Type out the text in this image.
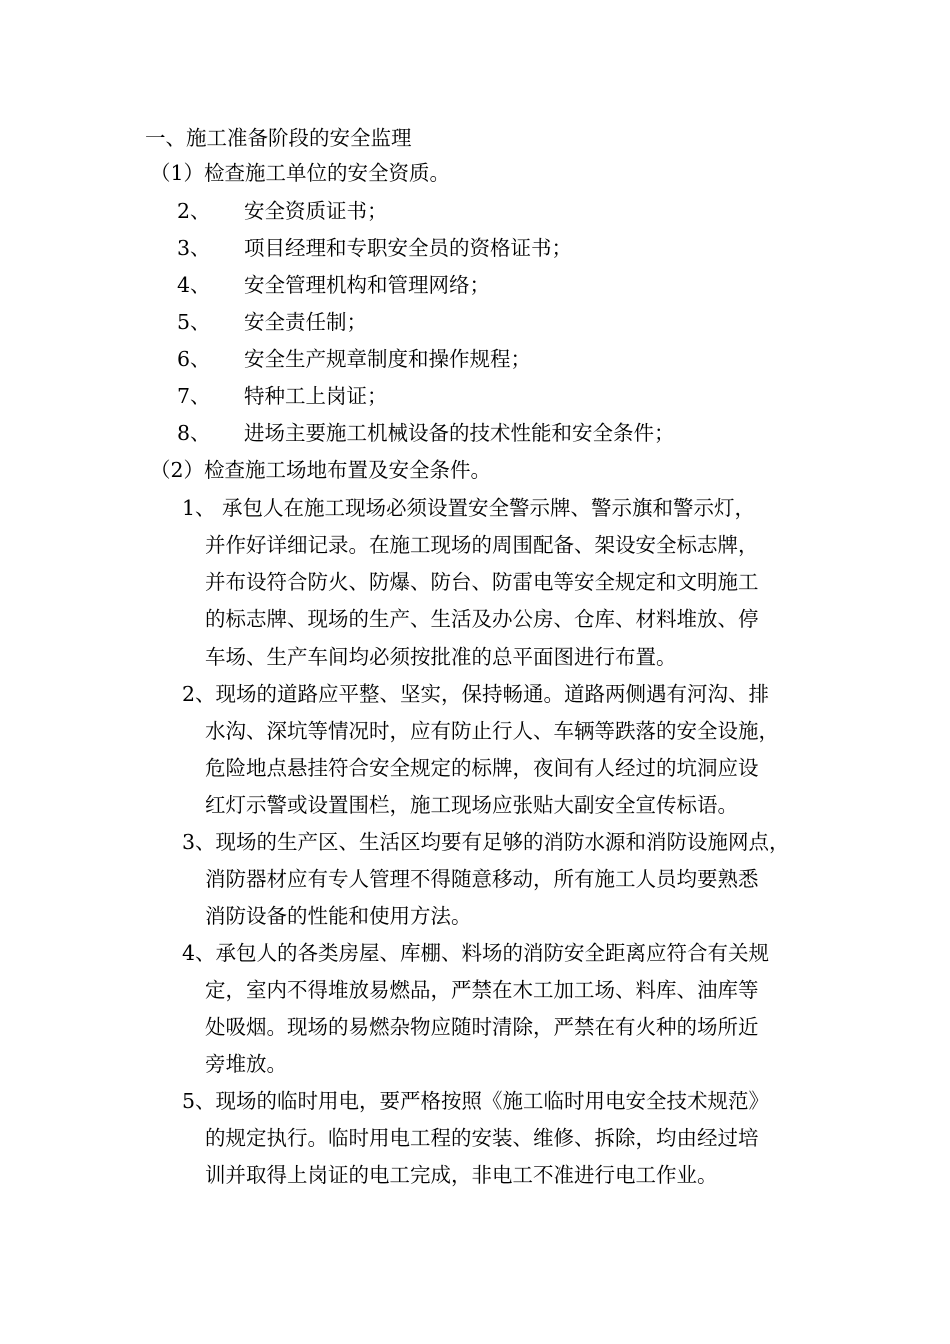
一、施工准备阶段的安全监理
（1）检查施工单位的安全资质。
2、 安全资质证书；
3、 项目经理和专职安全员的资格证书；
4、 安全管理机构和管理网络；
5、 安全责任制；
6、 安全生产规章制度和操作规程；
7、 特种工上岗证；
8、 进场主要施工机械设备的技术性能和安全条件；
（2）检查施工场地布置及安全条件。
1、 承包人在施工现场必须设置安全警示牌、警示旗和警示灯，
并作好详细记录。在施工现场的周围配备、架设安全标志牌，
并布设符合防火、防爆、防台、防雷电等安全规定和文明施工
的标志牌、现场的生产、生活及办公房、仓库、材料堆放、停
车场、生产车间均必须按批准的总平面图进行布置。
2、现场的道路应平整、坚实，保持畅通。道路两侧遇有河沟、排
水沟、深坑等情况时，应有防止行人、车辆等跌落的安全设施，
危险地点悬挂符合安全规定的标牌，夜间有人经过的坑洞应设
红灯示警或设置围栏，施工现场应张贴大副安全宣传标语。
3、现场的生产区、生活区均要有足够的消防水源和消防设施网点，
消防器材应有专人管理不得随意移动，所有施工人员均要熟悉
消防设备的性能和使用方法。
4、承包人的各类房屋、库棚、料场的消防安全距离应符合有关规
定，室内不得堆放易燃品，严禁在木工加工场、料库、油库等
处吸烟。现场的易燃杂物应随时清除，严禁在有火种的场所近
旁堆放。
5、现场的临时用电，要严格按照《施工临时用电安全技术规范》
的规定执行。临时用电工程的安装、维修、拆除，均由经过培
训并取得上岗证的电工完成，非电工不准进行电工作业。
